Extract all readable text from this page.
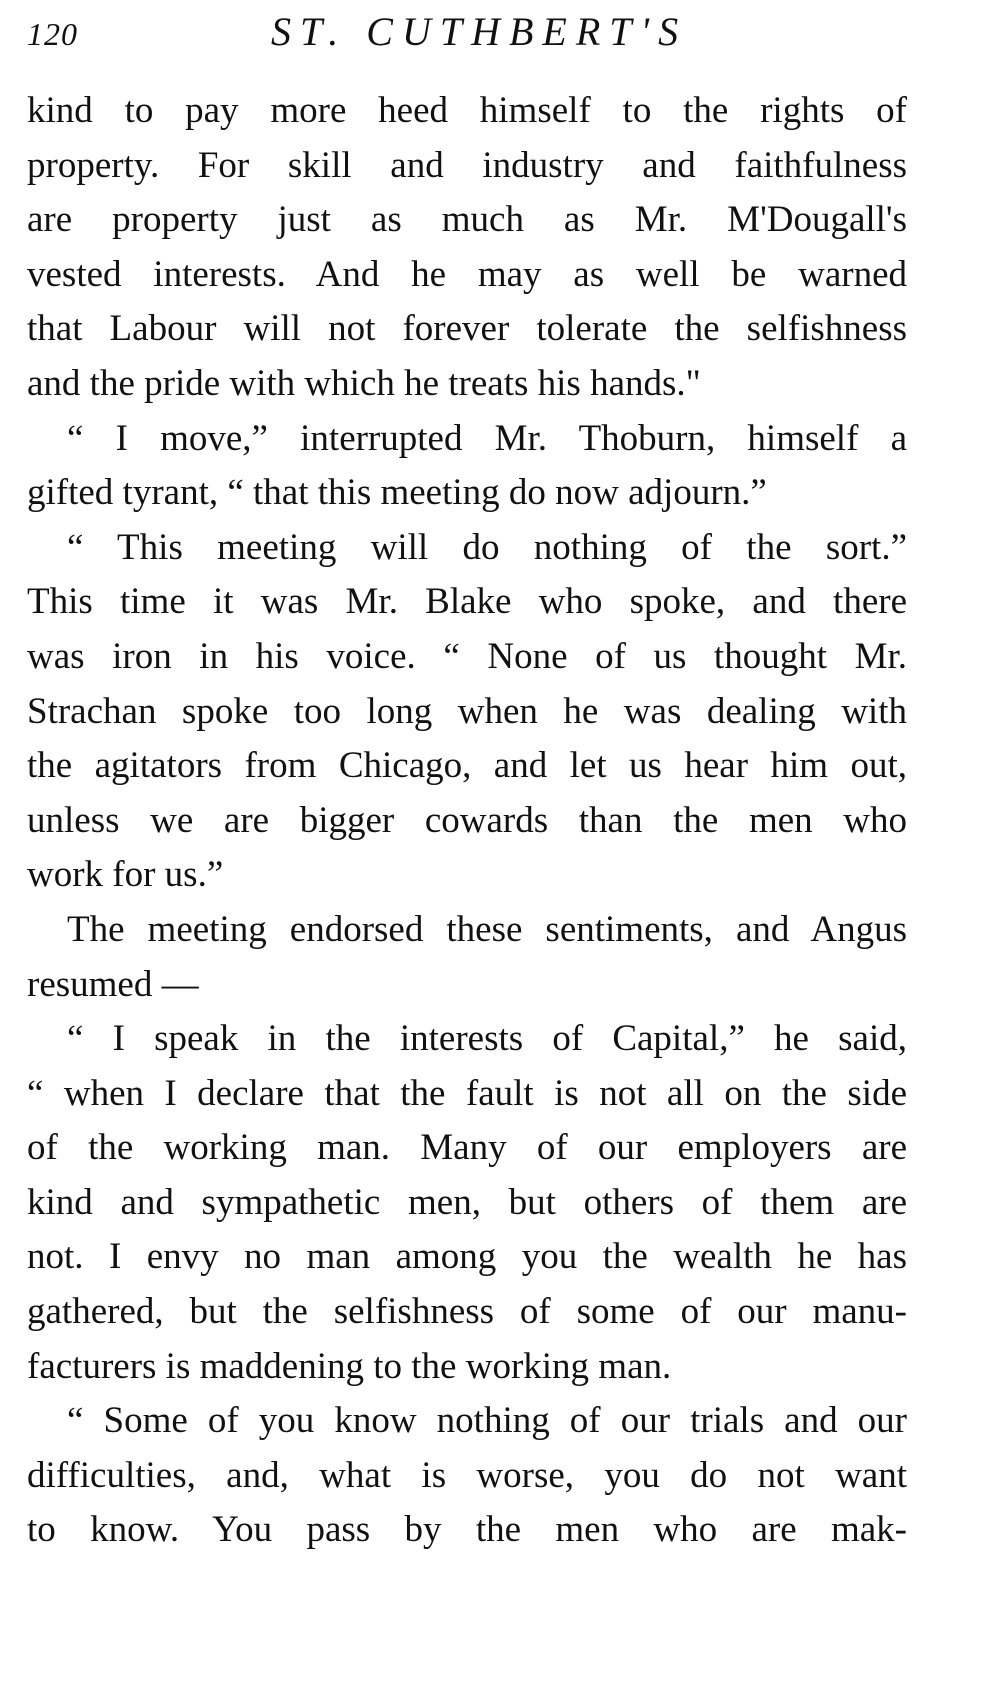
120	ST. CUTHBERT'S
kind to pay more heed himself to the rights of
property. For skill and industry and faithfulness
are property just as much as Mr. M'Dougall's
vested interests. And he may as well be warned
that Labour will not forever tolerate the selfishness
and the pride with which he treats his hands."
“ I move,” interrupted Mr. Thoburn, himself a
gifted tyrant, “ that this meeting do now adjourn.”
“ This meeting will do nothing of the sort.”
This time it was Mr. Blake who spoke, and there
was iron in his voice. “ None of us thought Mr.
Strachan spoke too long when he was dealing with
the agitators from Chicago, and let us hear him out,
unless we are bigger cowards than the men who
work for us.”
The meeting endorsed these sentiments, and Angus
resumed —
“ I speak in the interests of Capital,” he said,
“ when I declare that the fault is not all on the side
of the working man. Many of our employers are
kind and sympathetic men, but others of them are
not. I envy no man among you the wealth he has
gathered, but the selfishness of some of our manu-
facturers is maddening to the working man.
“ Some of you know nothing of our trials and our
difficulties, and, what is worse, you do not want
to know. You pass by the men who are mak-
